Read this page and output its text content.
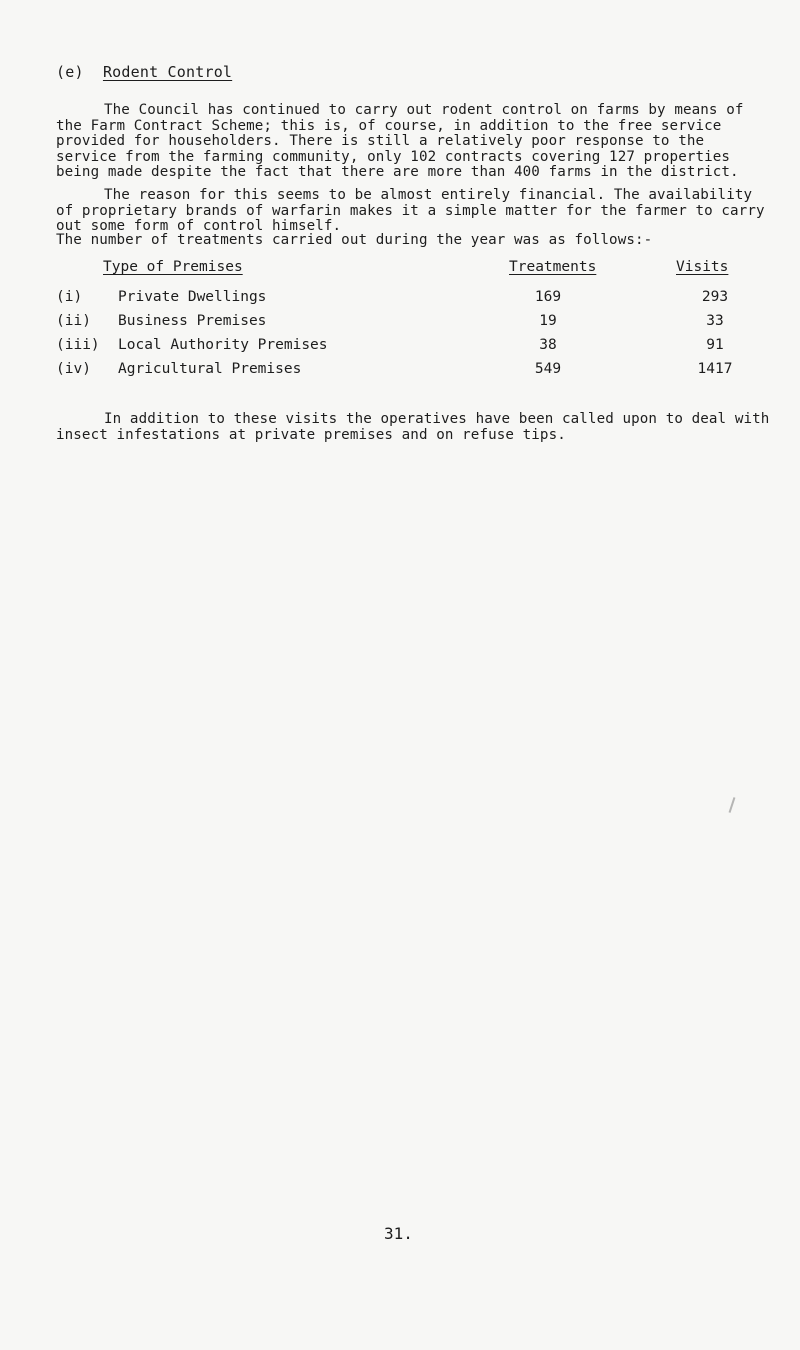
(e) Rodent Control
The Council has continued to carry out rodent control on farms by means of
the Farm Contract Scheme; this is, of course, in addition to the free service
provided for householders. There is still a relatively poor response to the
service from the farming community, only 102 contracts covering 127 properties
being made despite the fact that there are more than 400 farms in the district.
The reason for this seems to be almost entirely financial. The availability
of proprietary brands of warfarin makes it a simple matter for the farmer to carry
out some form of control himself.
The number of treatments carried out during the year was as follows:-
Type of Premises	Treatments	Visits
(i) Private Dwellings	169	293
(ii) Business Premises	19	33
(iii) Local Authority Premises	38	91
(iv) Agricultural Premises	549	1417
In addition to these visits the operatives have been called upon to deal with
insect infestations at private premises and on refuse tips.
31.
